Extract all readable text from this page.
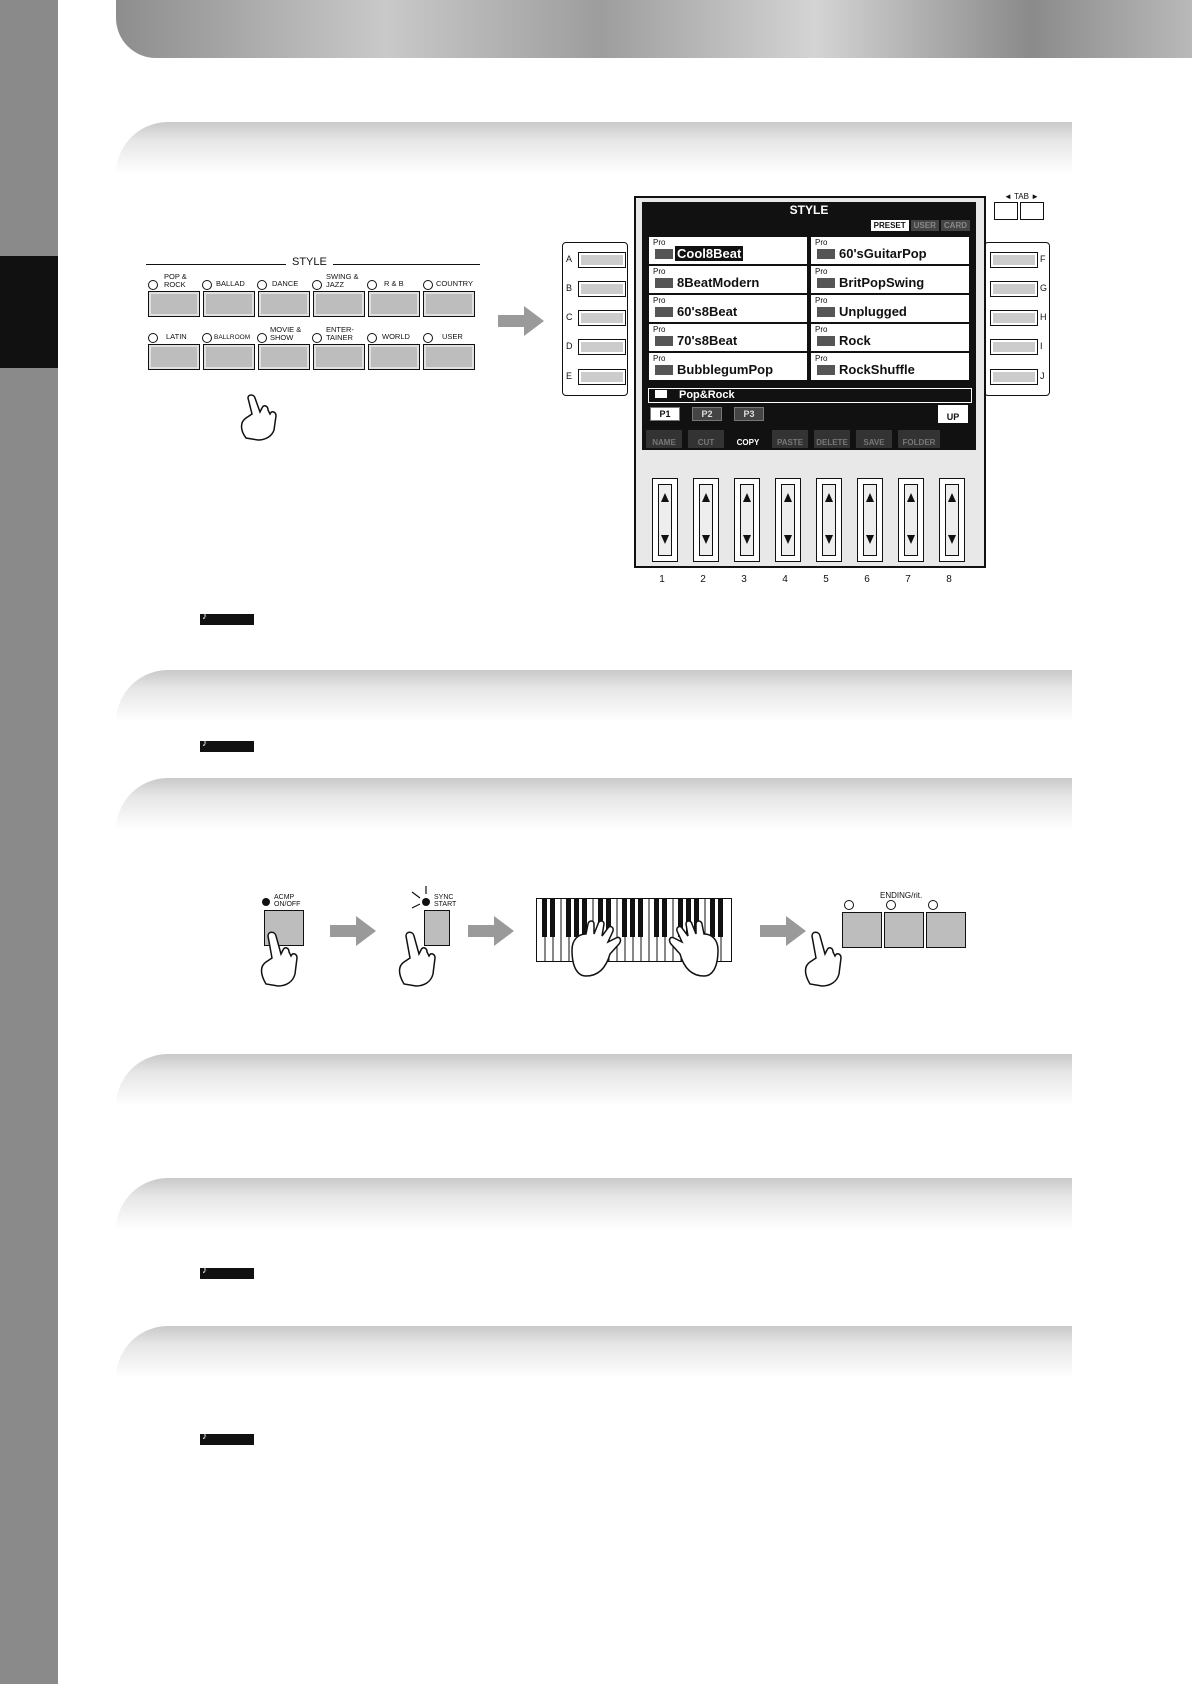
♪
♪
♪
♪
STYLE
POP & ROCK	BALLAD	DANCE
SWING & JAZZ	R & B	COUNTRY
LATIN	BALLROOM
MOVIE & SHOW
ENTER- TAINER	WORLD	USER
◄ TAB ►
A
B
C
D
E
F
G
H
I
J
STYLE
PRESET	USER	CARD
Pro
Cool8Beat
Pro
60'sGuitarPop
Pro
8BeatModern
Pro
BritPopSwing
Pro
60's8Beat
Pro
Unplugged
Pro
70's8Beat
Pro
Rock
Pro
BubblegumPop
Pro
RockShuffle
Pop&Rock
P1	P2	P3	UP
NAME	CUT	COPY	PASTE	DELETE	SAVE	FOLDER
1	2	3	4	5	6	7	8
ACMP ON/OFF
SYNC START
ENDING/rit.
